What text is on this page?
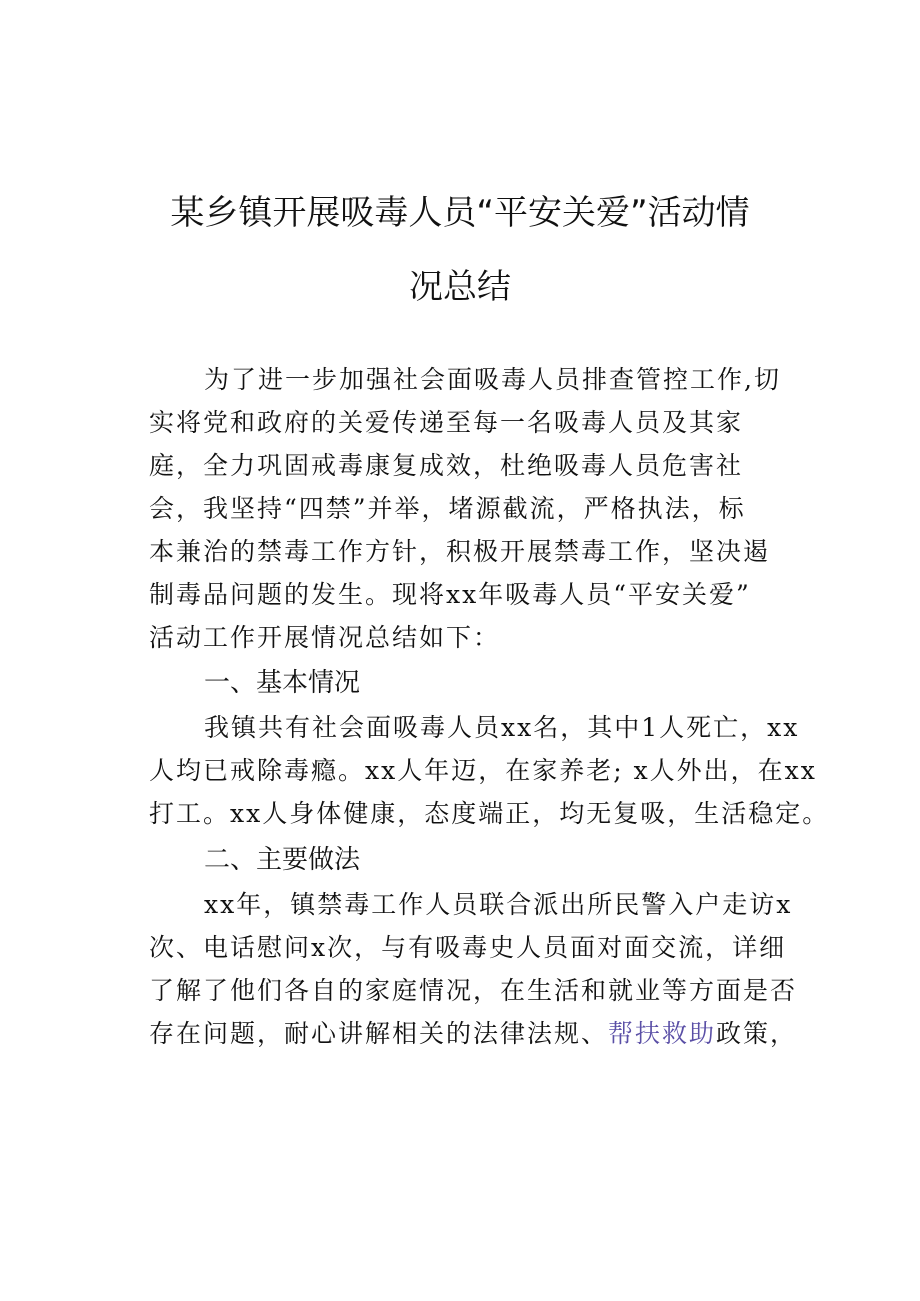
某乡镇开展吸毒人员“平安关爱”活动情
况总结
为了进一步加强社会面吸毒人员排查管控工作,切
实将党和政府的关爱传递至每一名吸毒人员及其家
庭，全力巩固戒毒康复成效，杜绝吸毒人员危害社
会，我坚持“四禁”并举，堵源截流，严格执法，标
本兼治的禁毒工作方针，积极开展禁毒工作，坚决遏
制毒品问题的发生。现将xx年吸毒人员“平安关爱”
活动工作开展情况总结如下：
一、基本情况
我镇共有社会面吸毒人员xx名，其中1人死亡，xx
人均已戒除毒瘾。xx人年迈，在家养老; x人外出，在xx
打工。xx人身体健康，态度端正，均无复吸，生活稳定。
二、主要做法
xx年，镇禁毒工作人员联合派出所民警入户走访x
次、电话慰问x次，与有吸毒史人员面对面交流，详细
了解了他们各自的家庭情况，在生活和就业等方面是否
存在问题，耐心讲解相关的法律法规、帮扶救助政策，
